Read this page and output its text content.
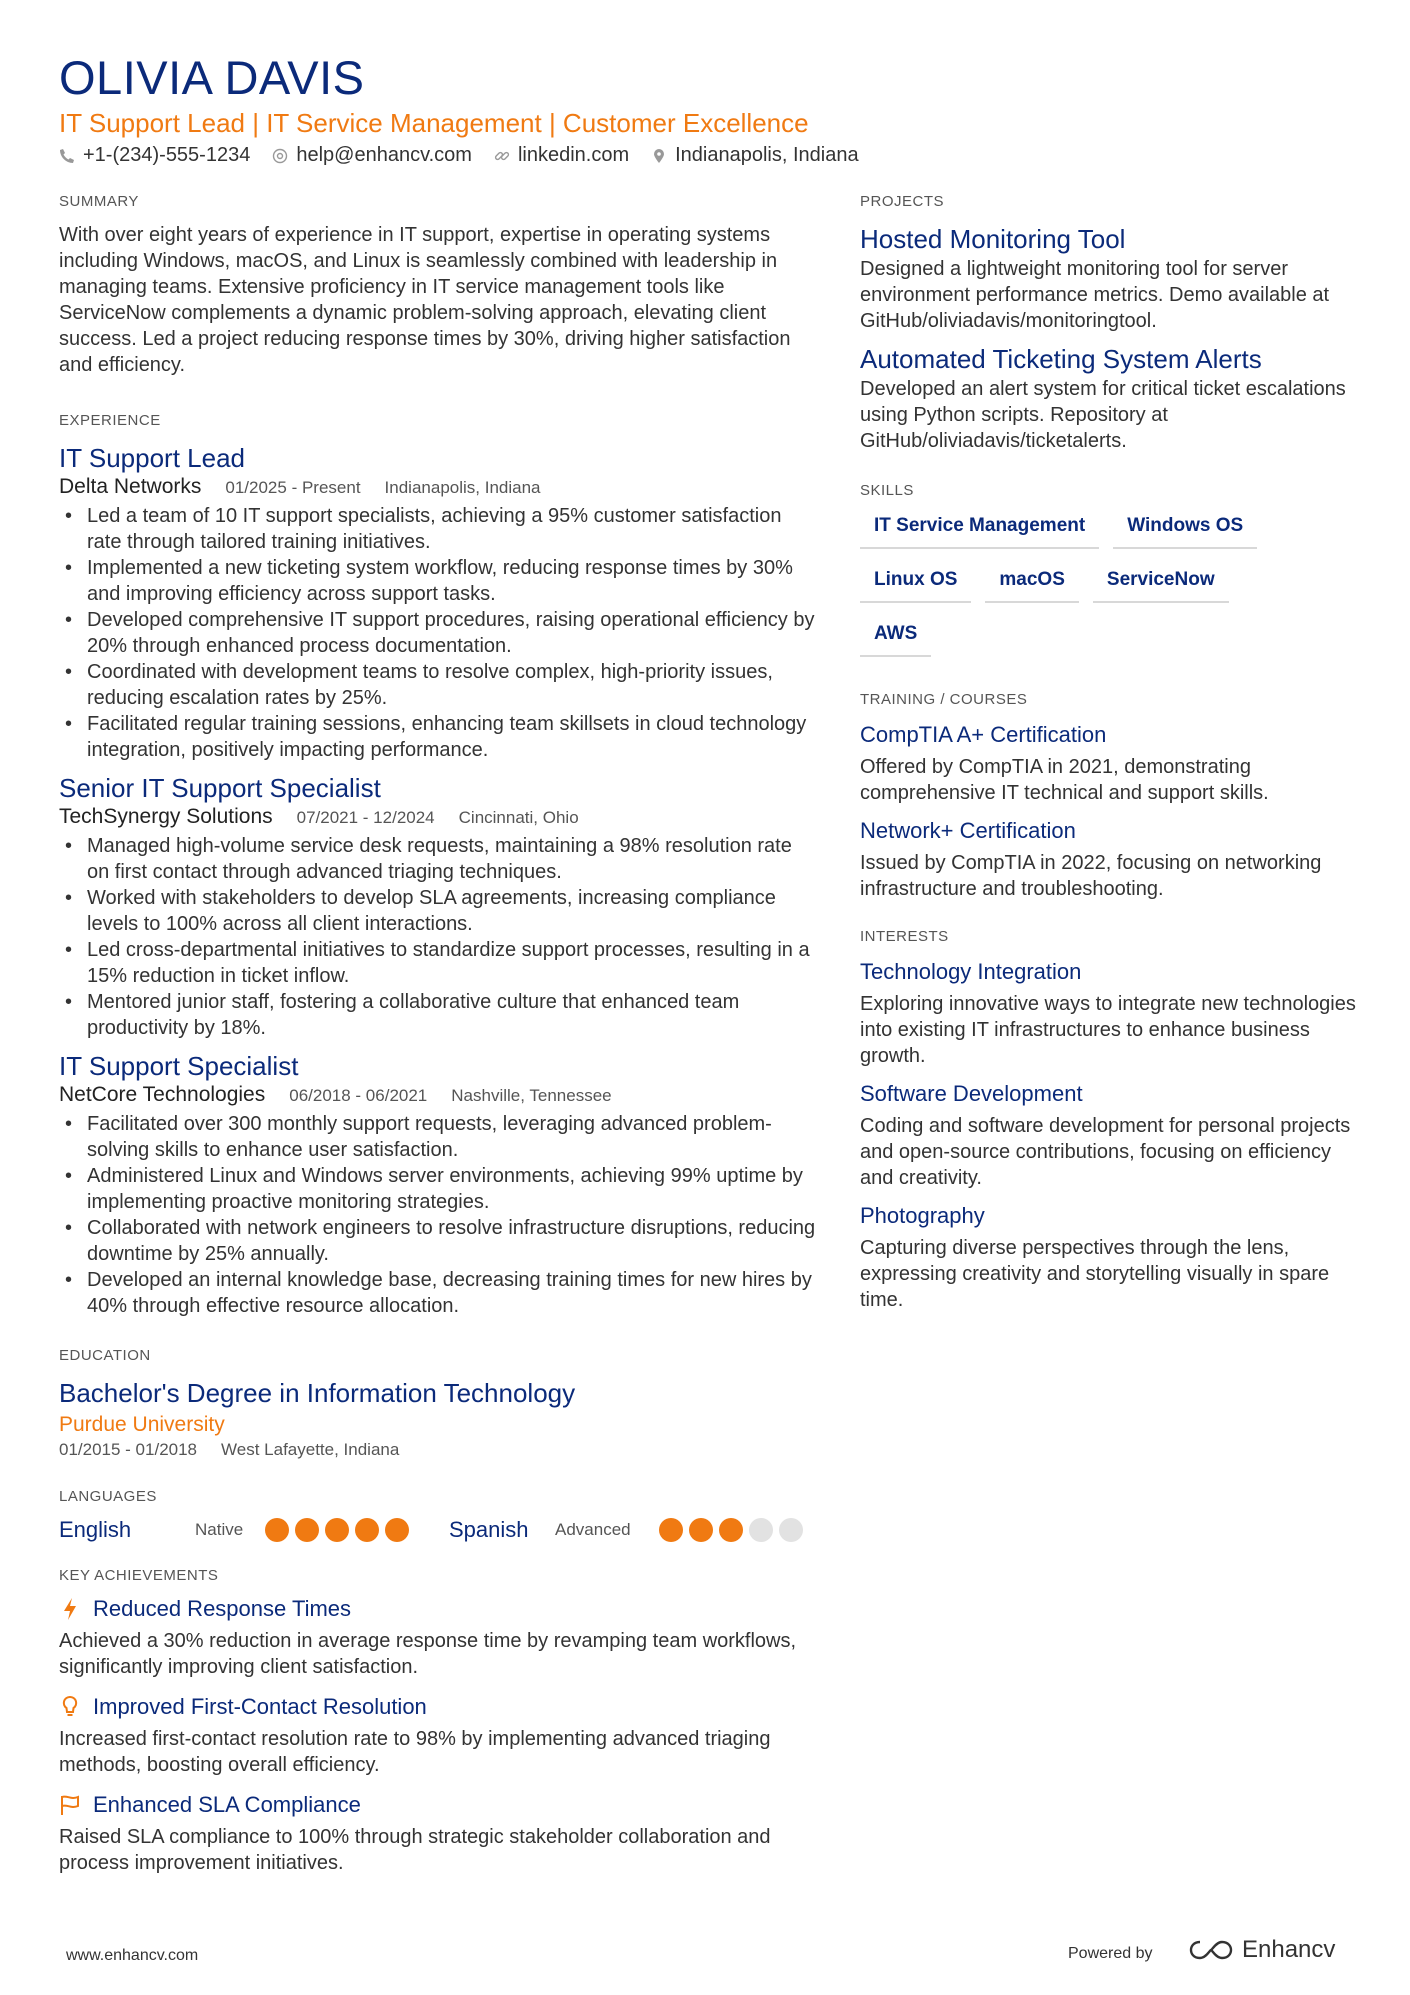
OLIVIA DAVIS
IT Support Lead | IT Service Management | Customer Excellence
+1-(234)-555-1234 help@enhancv.com linkedin.com Indianapolis, Indiana
SUMMARY

With over eight years of experience in IT support, expertise in operating systems including Windows, macOS, and Linux is seamlessly combined with leadership in managing teams. Extensive proficiency in IT service management tools like ServiceNow complements a dynamic problem-solving approach, elevating client success. Led a project reducing response times by 30%, driving higher satisfaction and efficiency.

EXPERIENCE
IT Support Lead
Delta Networks 01/2025 - Present Indianapolis, Indiana
• Led a team of 10 IT support specialists, achieving a 95% customer satisfaction rate through tailored training initiatives.
• Implemented a new ticketing system workflow, reducing response times by 30% and improving efficiency across support tasks.
• Developed comprehensive IT support procedures, raising operational efficiency by 20% through enhanced process documentation.
• Coordinated with development teams to resolve complex, high-priority issues, reducing escalation rates by 25%.
• Facilitated regular training sessions, enhancing team skillsets in cloud technology integration, positively impacting performance.
Senior IT Support Specialist
TechSynergy Solutions 07/2021 - 12/2024 Cincinnati, Ohio
• Managed high-volume service desk requests, maintaining a 98% resolution rate on first contact through advanced triaging techniques.
• Worked with stakeholders to develop SLA agreements, increasing compliance levels to 100% across all client interactions.
• Led cross-departmental initiatives to standardize support processes, resulting in a 15% reduction in ticket inflow.
• Mentored junior staff, fostering a collaborative culture that enhanced team productivity by 18%.
IT Support Specialist
NetCore Technologies 06/2018 - 06/2021 Nashville, Tennessee
• Facilitated over 300 monthly support requests, leveraging advanced problem-solving skills to enhance user satisfaction.
• Administered Linux and Windows server environments, achieving 99% uptime by implementing proactive monitoring strategies.
• Collaborated with network engineers to resolve infrastructure disruptions, reducing downtime by 25% annually.
• Developed an internal knowledge base, decreasing training times for new hires by 40% through effective resource allocation.
EDUCATION
Bachelor's Degree in Information Technology
Purdue University
01/2015 - 01/2018 West Lafayette, Indiana
LANGUAGES
English	Native	Spanish	Advanced
KEY ACHIEVEMENTS
Reduced Response Times

Achieved a 30% reduction in average response time by revamping team workflows, significantly improving client satisfaction.

Improved First-Contact Resolution

Increased first-contact resolution rate to 98% by implementing advanced triaging methods, boosting overall efficiency.

Enhanced SLA Compliance

Raised SLA compliance to 100% through strategic stakeholder collaboration and process improvement initiatives.

PROJECTS
Hosted Monitoring Tool

Designed a lightweight monitoring tool for server environment performance metrics. Demo available at GitHub/oliviadavis/monitoringtool.

Automated Ticketing System Alerts

Developed an alert system for critical ticket escalations using Python scripts. Repository at GitHub/oliviadavis/ticketalerts.

SKILLS
IT Service Management	Windows OS
Linux OS	macOS	ServiceNow
AWS
TRAINING / COURSES
CompTIA A+ Certification

Offered by CompTIA in 2021, demonstrating comprehensive IT technical and support skills.

Network+ Certification

Issued by CompTIA in 2022, focusing on networking infrastructure and troubleshooting.

INTERESTS
Technology Integration

Exploring innovative ways to integrate new technologies into existing IT infrastructures to enhance business growth.

Software Development

Coding and software development for personal projects and open-source contributions, focusing on efficiency and creativity.

Photography

Capturing diverse perspectives through the lens, expressing creativity and storytelling visually in spare time.

www.enhancv.com	Powered by	Enhancv
